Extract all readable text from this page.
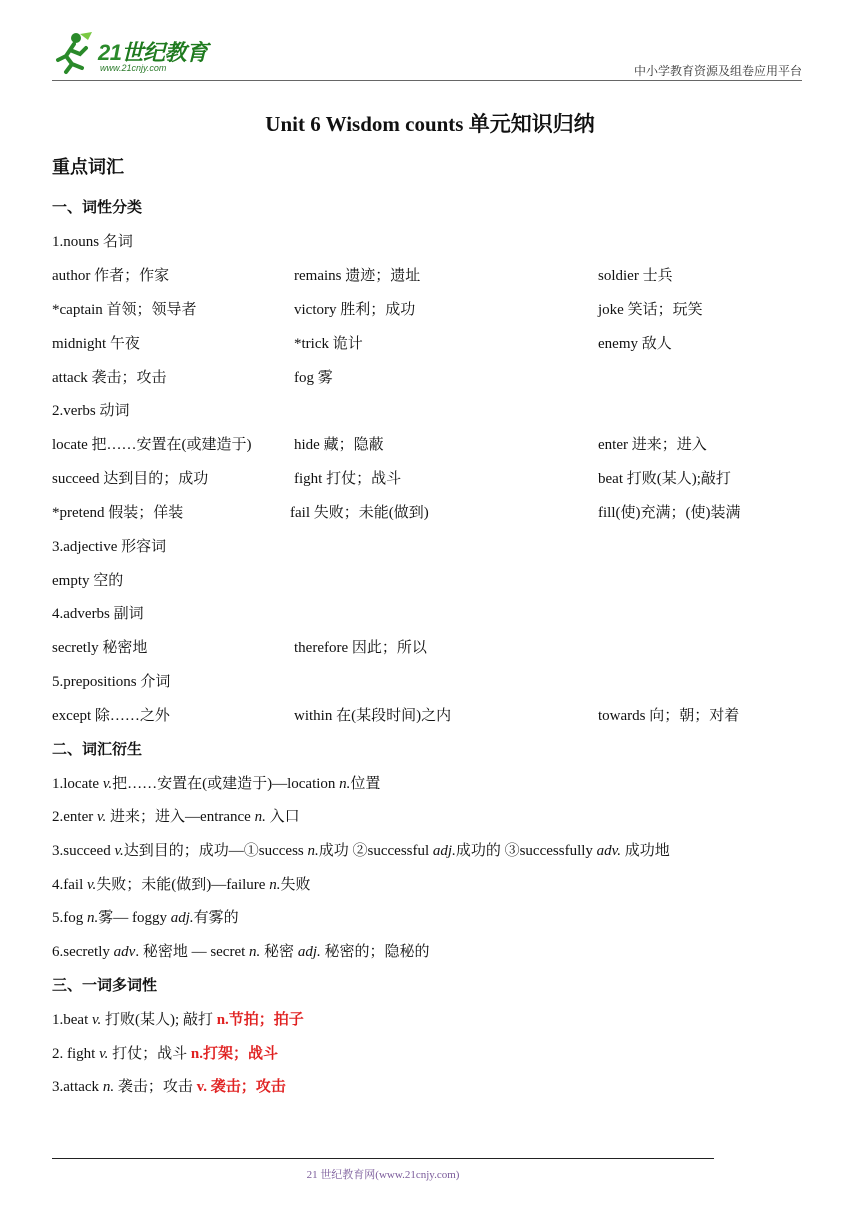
21世纪教育
www.21cnjy.com	中小学教育资源及组卷应用平台
Unit 6 Wisdom counts 单元知识归纳
重点词汇
一、词性分类
1.nouns 名词
author 作者；作家	remains 遗迹；遗址	soldier 士兵
*captain 首领；领导者	victory 胜利；成功	joke 笑话；玩笑
midnight 午夜	*trick 诡计	enemy 敌人
attack 袭击；攻击	fog 雾
2.verbs 动词
locate 把……安置在(或建造于)	hide 藏；隐蔽	enter 进来；进入
succeed 达到目的；成功	fight 打仗；战斗	beat 打败(某人);敲打
*pretend 假装；佯装	fail 失败；未能(做到)	fill(使)充满；(使)装满
3.adjective 形容词
empty 空的
4.adverbs 副词
secretly 秘密地	therefore 因此；所以
5.prepositions 介词
except 除……之外	within 在(某段时间)之内	towards 向；朝；对着
二、词汇衍生
1.locate v.把……安置在(或建造于)—location n.位置
2.enter v. 进来；进入—entrance n. 入口
3.succeed v.达到目的；成功—①success n.成功 ②successful adj.成功的 ③successfully adv. 成功地
4.fail v.失败；未能(做到)—failure n.失败
5.fog n.雾— foggy adj.有雾的
6.secretly adv. 秘密地 — secret n. 秘密 adj. 秘密的；隐秘的
三、一词多词性
1.beat v. 打败(某人); 敲打 n.节拍；拍子
2. fight v. 打仗；战斗 n.打架；战斗
3.attack n. 袭击；攻击 v. 袭击；攻击
21 世纪教育网(www.21cnjy.com)
